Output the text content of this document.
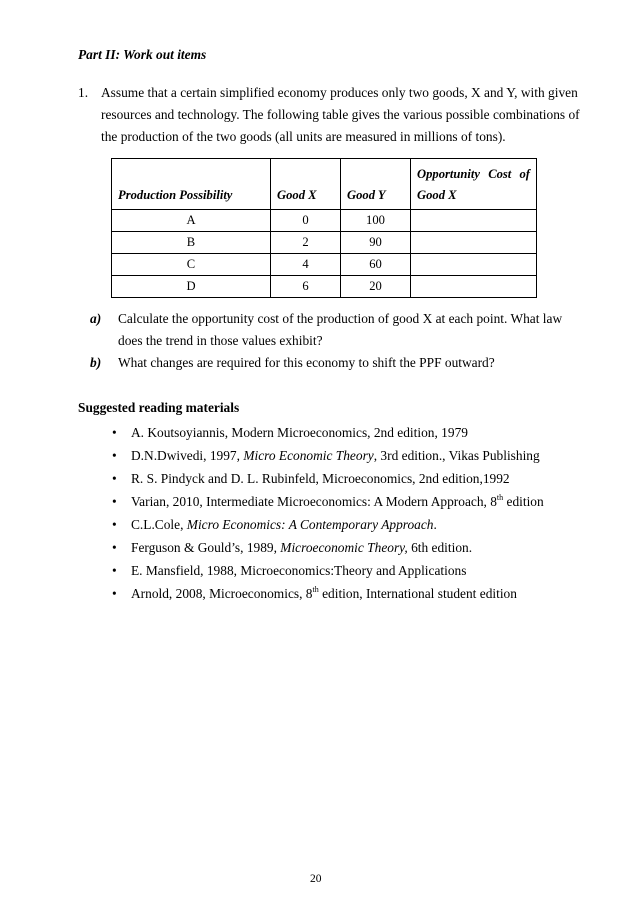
Part II: Work out items
1. Assume that a certain simplified economy produces only two goods, X and Y, with given
resources and technology. The following table gives the various possible combinations of
the production of the two goods (all units are measured in millions of tons).
Production Possibility	Good X	Good Y	Opportunity Cost of
Good X

A	0	100	
B	2	90	
C	4	60	
D	6	20	
a) Calculate the opportunity cost of the production of good X at each point. What law
does the trend in those values exhibit?
b) What changes are required for this economy to shift the PPF outward?
Suggested reading materials
• A. Koutsoyiannis, Modern Microeconomics, 2nd edition, 1979
• D.N.Dwivedi, 1997, Micro Economic Theory, 3rd edition., Vikas Publishing
• R. S. Pindyck and D. L. Rubinfeld, Microeconomics, 2nd edition,1992
• Varian, 2010, Intermediate Microeconomics: A Modern Approach, 8th edition
• C.L.Cole, Micro Economics: A Contemporary Approach.
• Ferguson & Gould’s, 1989, Microeconomic Theory, 6th edition.
• E. Mansfield, 1988, Microeconomics:Theory and Applications
• Arnold, 2008, Microeconomics, 8th edition, International student edition
20
